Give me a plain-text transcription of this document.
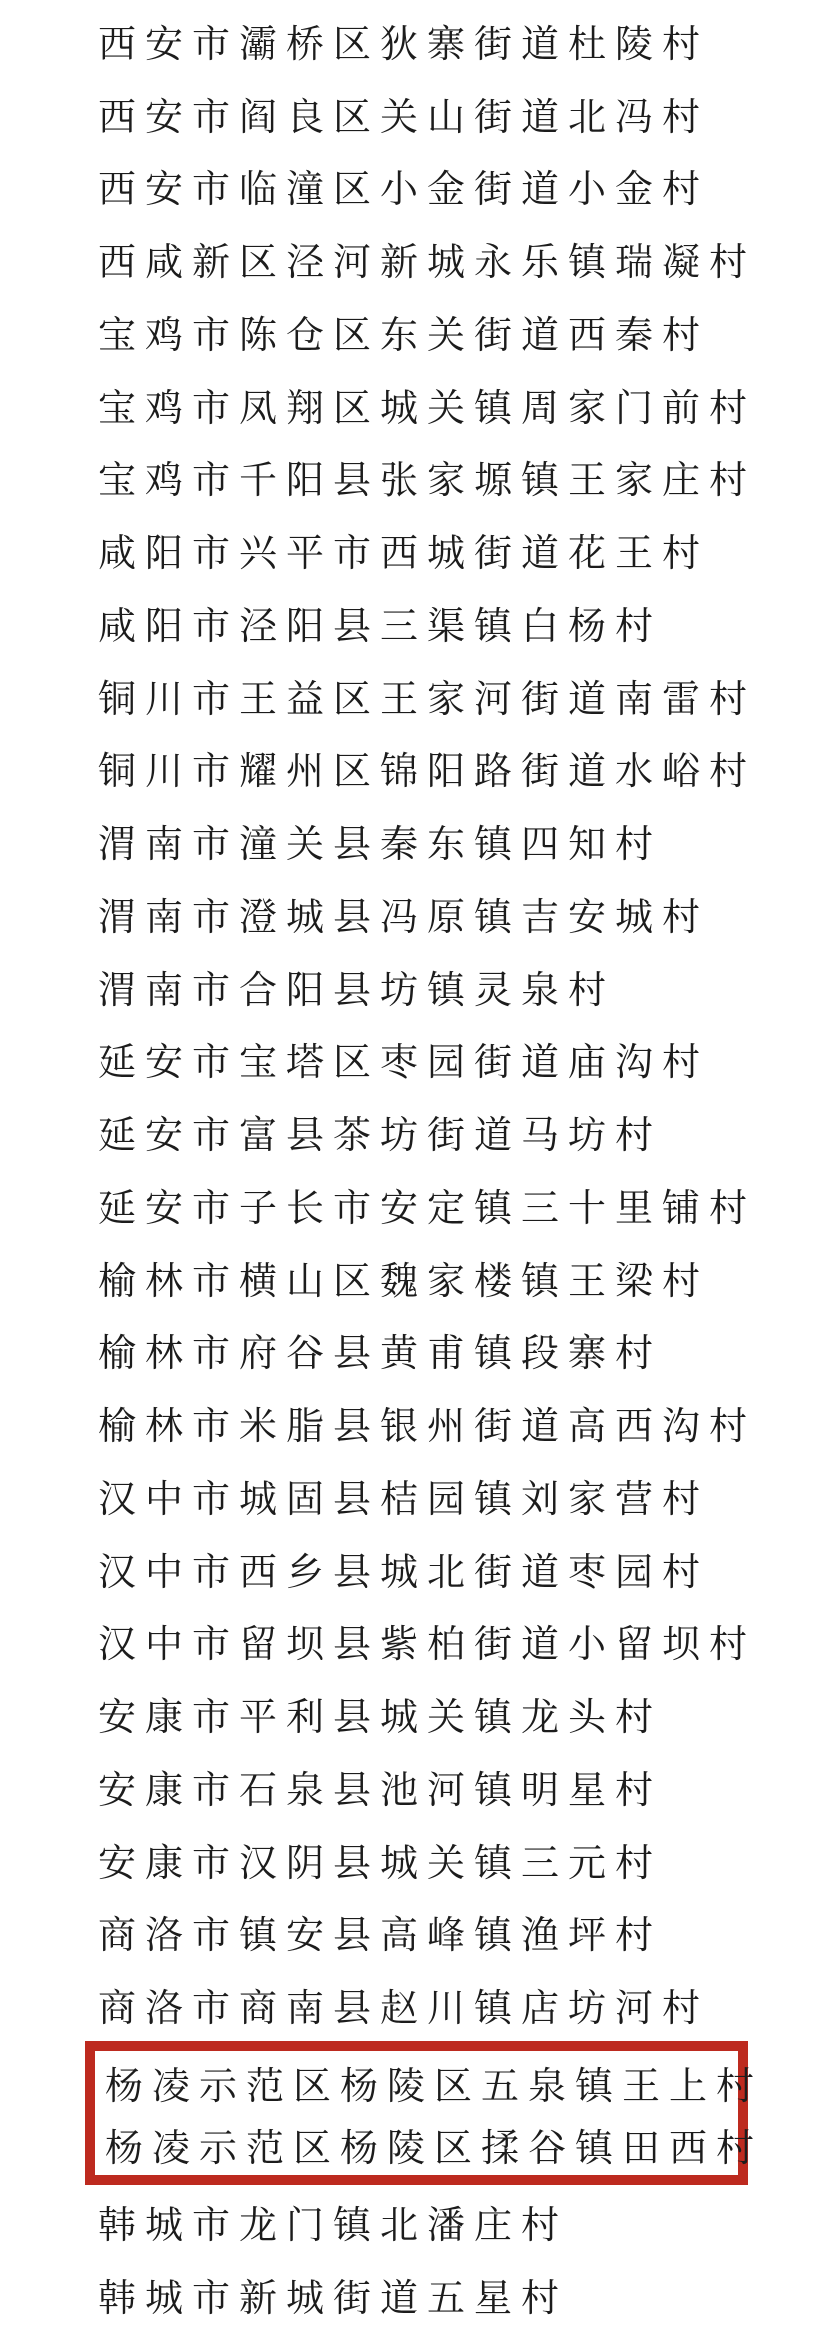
西安市灞桥区狄寨街道杜陵村
西安市阎良区关山街道北冯村
西安市临潼区小金街道小金村
西咸新区泾河新城永乐镇瑞凝村
宝鸡市陈仓区东关街道西秦村
宝鸡市凤翔区城关镇周家门前村
宝鸡市千阳县张家塬镇王家庄村
咸阳市兴平市西城街道花王村
咸阳市泾阳县三渠镇白杨村
铜川市王益区王家河街道南雷村
铜川市耀州区锦阳路街道水峪村
渭南市潼关县秦东镇四知村
渭南市澄城县冯原镇吉安城村
渭南市合阳县坊镇灵泉村
延安市宝塔区枣园街道庙沟村
延安市富县茶坊街道马坊村
延安市子长市安定镇三十里铺村
榆林市横山区魏家楼镇王梁村
榆林市府谷县黄甫镇段寨村
榆林市米脂县银州街道高西沟村
汉中市城固县桔园镇刘家营村
汉中市西乡县城北街道枣园村
汉中市留坝县紫柏街道小留坝村
安康市平利县城关镇龙头村
安康市石泉县池河镇明星村
安康市汉阴县城关镇三元村
商洛市镇安县高峰镇渔坪村
商洛市商南县赵川镇店坊河村
杨凌示范区杨陵区五泉镇王上村
杨凌示范区杨陵区揉谷镇田西村
韩城市龙门镇北潘庄村
韩城市新城街道五星村
